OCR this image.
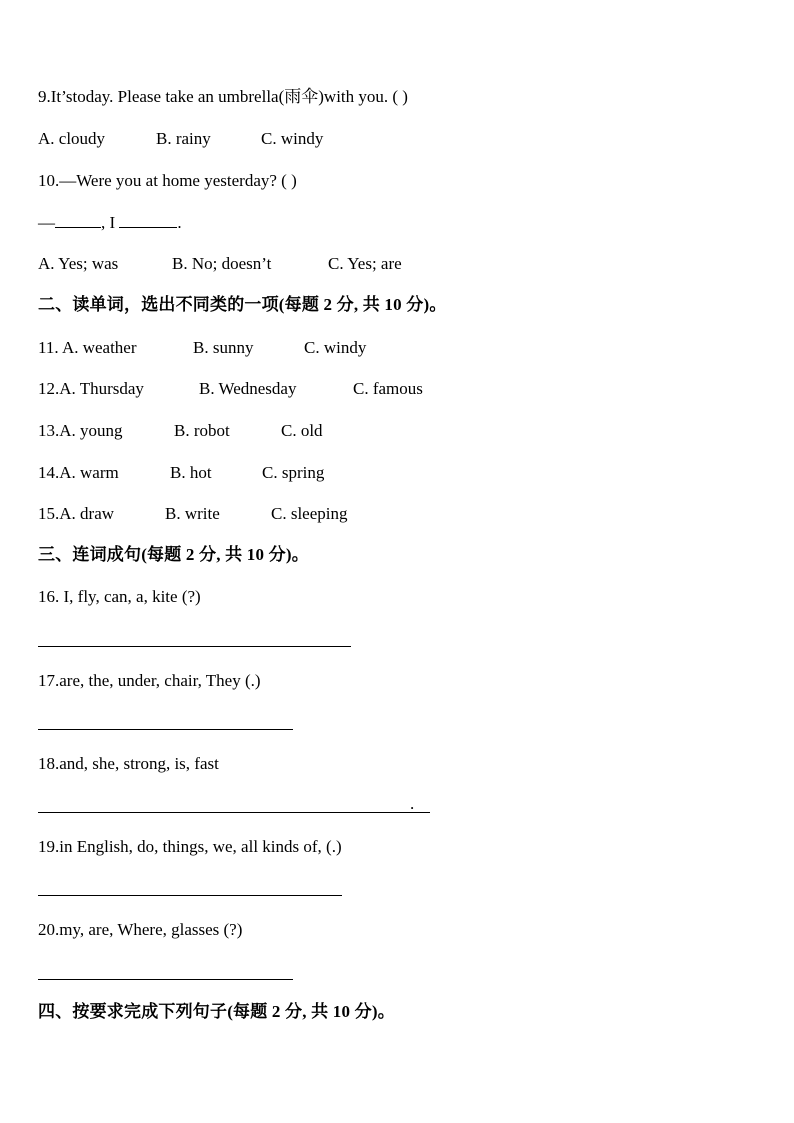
9.It’stoday. Please take an umbrella(雨伞)with you. ( )
A. cloudy	B. rainy	C. windy
10.—Were you at home yesterday? ( )
—	, I	.
A. Yes; was	B. No; doesn’t	C. Yes; are
二、读单词，选出不同类的一项(每题 2 分, 共 10 分)。
11. A. weather	B. sunny	C. windy
12.A. Thursday	B. Wednesday	C. famous
13.A. young	B. robot	C. old
14.A. warm	B. hot	C. spring
15.A. draw	B. write	C. sleeping
三、连词成句(每题 2 分, 共 10 分)。
16. I, fly, can, a, kite (?)
17.are, the, under, chair, They (.)
18.and, she, strong, is, fast
.
19.in English, do, things, we, all kinds of, (.)
20.my, are, Where, glasses (?)
四、按要求完成下列句子(每题 2 分, 共 10 分)。
